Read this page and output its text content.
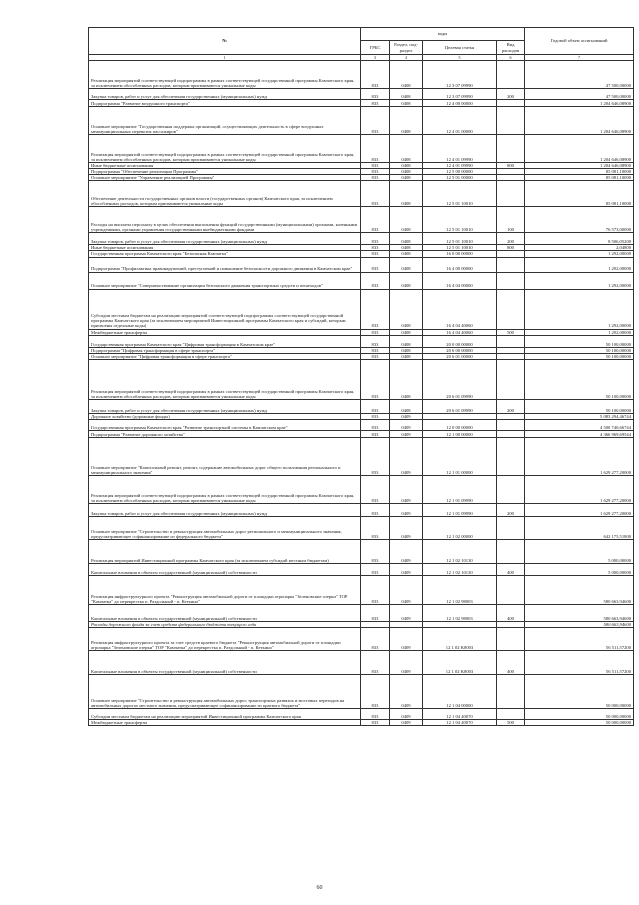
№	коды				Годовой объем ассигнований
	ГРБС	Раздел, под-раздел	Целевая статья	Вид расходов	
1	3	4	5	6	7
Реализация мероприятий соответствующей подпрограммы в рамках соответствующей государственной программы Камчатского края, за исключением обособленных расходов, которым присваиваются уникальные коды	833	0408	12 3 07 09990		47 500,00000
Закупка товаров, работ и услуг для обеспечения государственных (муниципальных) нужд	833	0408	12 3 07 09990	200	47 500,00000
Подпрограмма "Развитие воздушного транспорта"	833	0408	12 4 00 00000		1 204 646,08900
Основное мероприятие "Государственная поддержка организаций, осуществляющих деятельность в сфере воздушных межмуниципальных перевозок пассажиров"	833	0408	12 4 01 00000		1 204 646,08900
Реализация мероприятий соответствующей подпрограммы в рамках соответствующей государственной программы Камчатского края, за исключением обособленных расходов, которым присваиваются уникальные коды	833	0408	12 4 01 09990		1 204 646,08900
Иные бюджетные ассигнования	833	0408	12 4 01 09990	800	1 204 646,08900
Подпрограмма "Обеспечение реализации Программы"	833	0408	12 5 00 00000		85 081,10000
Основное мероприятие "Управление реализацией Программы"	833	0408	12 5 01 00000		85 081,10000
Обеспечение деятельности государственных органов власти (государственных органов) Камчатского края, за исключением обособленных расходов, которым присваиваются уникальные коды	833	0408	12 5 01 10010		85 081,10000
Расходы на выплаты персоналу в целях обеспечения выполнения функций государственными (муниципальными) органами, казенными учреждениями, органами управления государственными внебюджетными фондами	833	0408	12 5 01 10010	100	76 573,00000
Закупка товаров, работ и услуг для обеспечения государственных (муниципальных) нужд	833	0408	12 5 01 10010	200	8 506,05200
Иные бюджетные ассигнования	833	0408	12 5 01 10010	800	2,04800
Государственная программа Камчатского края "Безопасная Камчатка"	833	0408	16 0 00 00000		1 292,00000
Подпрограмма "Профилактика правонарушений, преступлений и повышение безопасности дорожного движения в Камчатском крае"	833	0408	16 4 00 00000		1 292,00000
Основное мероприятие "Совершенствование организации безопасного движения транспортных средств и пешеходов"	833	0408	16 4 04 00000		1 292,00000
Субсидии местным бюджетам на реализацию мероприятий соответствующей подпрограммы соответствующей государственной программы Камчатского края (за исключением мероприятий Инвестиционной программы Камчатского края и субсидий, которым присвоены отдельные коды)	833	0408	16 4 04 40060		1 292,00000
Межбюджетные трансферты	833	0408	16 4 04 40060	500	1 292,00000
Государственная программа Камчатского края "Цифровая трансформация в Камчатском крае"	833	0408	20 0 00 00000		50 100,00000
Подпрограмма "Цифровая трансформация в сфере транспорта"	833	0408	20 6 00 00000		50 100,00000
Основное мероприятие "Цифровая трансформация в сфере транспорта"	833	0408	20 6 01 00000		50 100,00000
Реализация мероприятий соответствующей подпрограммы в рамках соответствующей государственной программы Камчатского края, за исключением обособленных расходов, которым присваиваются уникальные коды	833	0408	20 6 01 09990		50 100,00000
Закупка товаров, работ и услуг для обеспечения государственных (муниципальных) нужд	833	0408	20 6 01 09990	200	50 100,00000
Дорожное хозяйство (дорожные фонды)	833	0409			5 083 294,46744
Государственная программа Камчатского края "Развитие транспортной системы в Камчатском крае"	833	0409	12 0 00 00000		4 500 740,66744
Подпрограмма "Развитие дорожного хозяйства"	833	0409	12 1 00 00000		4 366 969,69544
Основное мероприятие "Капитальный ремонт, ремонт, содержание автомобильных дорог общего пользования регионального и межмуниципального значения"	833	0409	12 1 01 00000		1 629 277,20000
Реализация мероприятий соответствующей подпрограммы в рамках соответствующей государственной программы Камчатского края, за исключением обособленных расходов, которым присваиваются уникальные коды	833	0409	12 1 01 09990		1 629 277,20000
Закупка товаров, работ и услуг для обеспечения государственных (муниципальных) нужд	833	0409	12 1 01 09990	200	1 629 277,20000
Основное мероприятие "Строительство и реконструкция автомобильных дорог регионального и межмуниципального значения, предусматривающее софинансирование из федерального бюджета"	833	0409	12 1 02 00000		642 175,51800
Реализация мероприятий Инвестиционной программы Камчатского края (за исключением субсидий местным бюджетам)	833	0409	12 1 02 10130		5 000,00000
Капитальные вложения в объекты государственной (муниципальной) собственности	833	0409	12 1 02 10130	400	5 000,00000
Реализация инфраструктурного проекта "Реконструкция автомобильной дороги от площадки агропарка "Зеленовские озерки" ТОР "Камчатка" до перекрестка п. Раздольный - п. Кеткино"	833	0409	12 1 02 98003		580 663,94600
Капитальные вложения в объекты государственной (муниципальной) собственности	833	0409	12 1 02 98003	400	580 663,94600
Расходы дорожного фонда за счет средств федерального бюджета текущего года					580 663,94600
Реализация инфраструктурного проекта за счет средств краевого бюджета "Реконструкция автомобильной дороги от площадки агропарка "Зеленовские озерки" ТОР "Камчатка" до перекрестка п. Раздольный - п. Кеткино"	833	0409	12 1 02 K8003		56 511,57200
Капитальные вложения в объекты государственной (муниципальной) собственности	833	0409	12 1 02 K8003	400	56 511,57200
Основное мероприятие "Строительство и реконструкция автомобильных дорог, транспортных развязок и мостовых переходов на автомобильных дорогах местного значения, предусматривающее софинансирование из краевого бюджета"	833	0409	12 1 04 00000		50 000,00000
Субсидии местным бюджетам на реализацию мероприятий Инвестиционной программы Камчатского края	833	0409	12 1 04 40070		50 000,00000
Межбюджетные трансферты	833	0409	12 1 04 40070	500	50 000,00000
60
